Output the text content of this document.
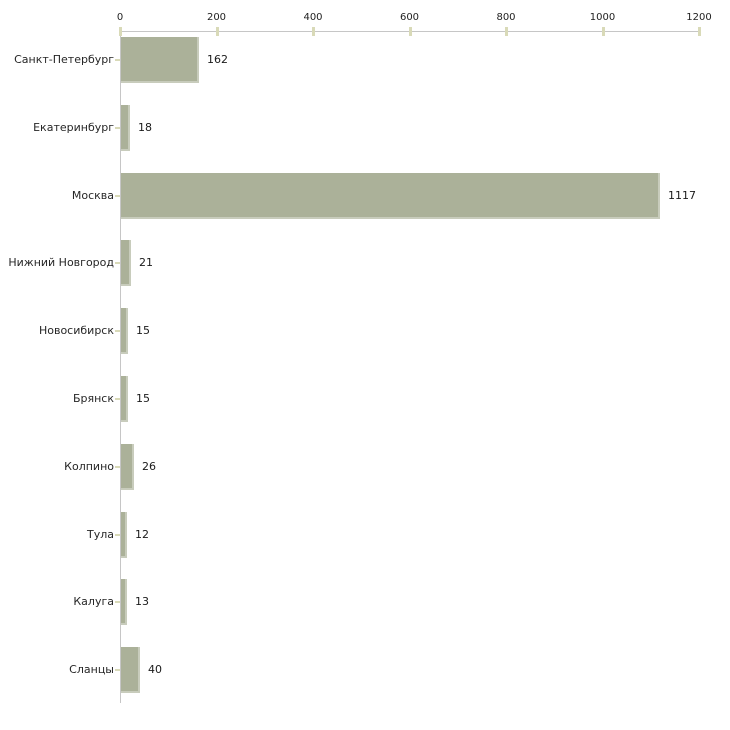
0	200	400	600	800	1000	1200
Санкт-Петербург	162
Екатеринбург 18
Москва	1117
Нижний Новгород 21
Новосибирск 15
Брянск 15
Колпино	26
Тула 12
Калуга 13
Сланцы	40
